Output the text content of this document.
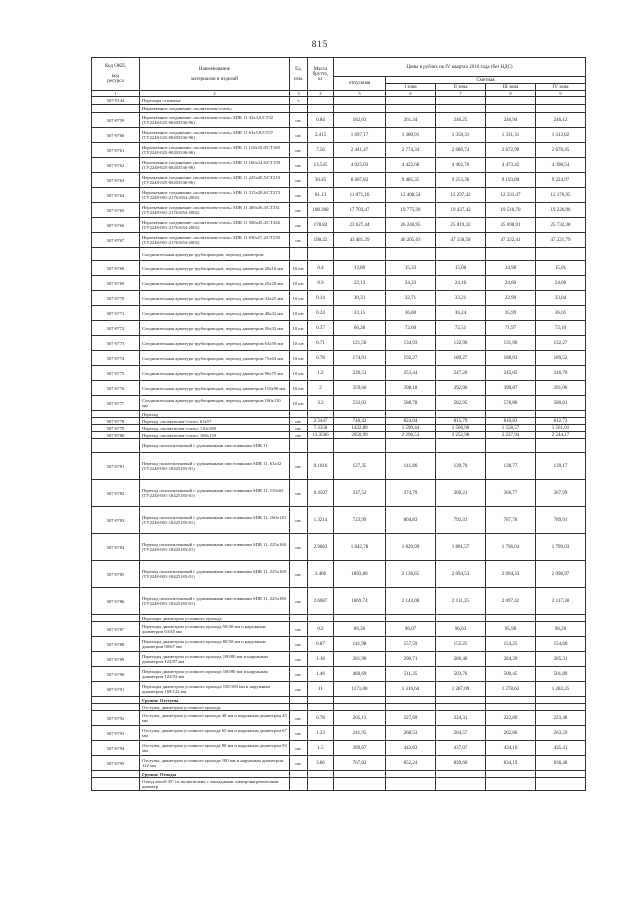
815
Код ОКП,

код
ресурса	Наименование

материалов и изделий	Ед.

изм.	Масса
брутто,
кг	Цены в рублях на IV квартал 2016 года (без НДС)				
				отпускная	Сметная			
					I зона	II зона	III зона	IV зона
1	2	3	4	5	6	7	8	9
507-9144	Переходы стальные	т						
	Неразъемное соединение «полиэтилен-сталь»							
507-0759	Неразъемное соединение «полиэтилен-сталь» SDR 11 32х3,0/СТ32 (ТУ2248-025-00203536-96)	шт.	0.84	182,63	261,34	246,25	246,94	246,12
507-0760	Неразъемное соединение «полиэтилен-сталь» SDR 11 63х5,8/СТ57 (ТУ2248-025-00203536-96)	шт.	2.415	1 097,17	1 380,91	1 358,31	1 331,31	1 312,82
507-0761	Неразъемное соединение «полиэтилен-сталь» SDR 11 110х10,0/СТ108 (ТУ2248-025-00203536-96)	шт.	7.56	2 441,47	2 774,34	2 680,74	2 672,99	2 678,45
507-0762	Неразъемное соединение «полиэтилен-сталь» SDR 11 160х14,6/СТ159 (ТУ2248-025-00203536-96)	шт.	13.545	4 025,03	4 422,68	4 462,76	4 473,42	4 398,54
507-0763	Неразъемное соединение «полиэтилен-сталь» SDR 11 225х20,5/СТ219 (ТУ2248-025-00203536-96)	шт.	30.45	8 667,82	9 485,35	9 253,36	9 193,80	9 224,97
507-0764	Неразъемное соединение «полиэтилен-сталь» SDR 11 315х28,6/СТ273 (ТУ2248-001-21761654-2002)	шт.	61.13	11 071,16	12 408,54	12 297,42	12 331,47	12 176,95
507-0765	Неразъемное соединение «полиэтилен-сталь» SDR 11 400х36,3/СТ351 (ТУ2248-001-21761654-2002)	шт.	108.308	17 703,47	19 775,39	19 437,42	19 516,70	19 226,96
507-0766	Неразъемное соединение «полиэтилен-сталь» SDR 11 500х45,4/СТ426 (ТУ2248-001-21761654-2002)	шт.	178.82	23 627,44	26 246,95	25 819,32	25 698,91	25 732,38
507-0767	Неразъемное соединение «полиэтилен-сталь» SDR 11 630х57,2/СТ530 (ТУ2248-001-21761654-2002)	шт.	190.22	43 481,39	46 205,63	47 158,58	47 222,41	47 221,79
	Соединительная арматура трубопроводов, переход диаметром							
507-0768	Соединительная арматура трубопроводов, переход диаметром 20х16 мм	10 шт.	0.4	13,80	15,33	15,08	14,98	15,01
507-0769	Соединительная арматура трубопроводов, переход диаметром 25х20 мм	10 шт.	0.9	22,13	24,33	24,16	24,00	24,06
507-0770	Соединительная арматура трубопроводов, переход диаметром 32х25 мм	10 шт.	0.14	30,33	32,71	33,21	32,99	33,04
507-0771	Соединительная арматура трубопроводов, переход диаметром 40х32 мм	10 шт.	0.24	33,15	36,80	36,24	35,99	36,05
507-0772	Соединительная арматура трубопроводов, переход диаметром 50х32 мм	10 шт.	0.37	66,28	72,60	72,51	71,97	72,10
507-0773	Соединительная арматура трубопроводов, переход диаметром 63х50 мм	10 шт.	0.71	121,58	134,93	132,90	131,96	132,27
507-0774	Соединительная арматура трубопроводов, переход диаметром 75х63 мм	10 шт.	0.78	174,01	192,27	189,27	188,03	189,52
507-0775	Соединительная арматура трубопроводов, переход диаметром 90х75 мм	10 шт.	1.2	226,51	253,44	247,20	245,05	246,70
507-0776	Соединительная арматура трубопроводов, переход диаметром 110х90 мм	10 шт.	2	359,66	398,18	392,96	390,87	391,06
507-0777	Соединительная арматура трубопроводов, переход диаметром 160х110 мм	10 шт.	3.2	533,03	588,78	582,95	578,86	580,61
	Переход							
507-0778	Переход «полиэтилен-сталь» 63х57	шт.	2.3447	746,42	824,04	815,79	810,82	812,73
507-0779	Переход «полиэтилен-сталь» 110х108	шт.	7.3358	1432,80	1 590,44	1 566,90	1 558,57	1 561,01
507-0780	Переход «полиэтилен-сталь» 160х159	шт.	13.3506	2050,99	2 296,53	2 252,98	2 237,94	2 244,17
	Переход полиэтиленовый с удлиненными хвостовиками SDR 11							
507-0781	Переход полиэтиленовый с удлиненными хвостовиками SDR 11, 63х32 (ТУ2248-001-18425183-01)	шт.	0.1016	127,35	141,86	139,70	138,77	139,17
507-0782	Переход полиэтиленовый с удлиненными хвостовиками SDR 11, 110х63 (ТУ2248-001-18425183-01)	шт.	0.4507	337,52	374,79	369,21	366,77	367,99
507-0783	Переход полиэтиленовый с удлиненными хвостовиками SDR 11, 160х110 (ТУ2248-001-18425183-01)	шт.	1.3214	723,99	804,83	792,31	787,78	789,91
507-0784	Переход полиэтиленовый с удлиненными хвостовиками SDR 11, 225х160 (ТУ2248-001-18425183-01)	шт.	2.9063	1 642,78	1 820,99	1 801,57	1 796,04	1 799,03
507-0785	Переход полиэтиленовый с удлиненными хвостовиками SDR 11, 225х160 (ТУ2248-001-18425183-01)	шт.	3.466	1893,08	2 136,65	2 094,53	2 094,33	2 096,97
507-0786	Переход полиэтиленовый с удлиненными хвостовиками SDR 11, 225х180 (ТУ2248-001-18425183-01)	шт.	2.6087	1869,74	2 143,08	2 111,35	2 097,42	2 117,38
	Переходы диаметром условного прохода							
507-0787	Переходы диаметром условного прохода 50/40 мм и наружным диаметром 63/45 мм	шт.	0.2	86,36	96,07	96,63	95,98	96,26
507-0788	Переходы диаметром условного прохода 80/50 мм и наружным диаметром 90/67 мм	шт.	0.87	141,98	157,59	155,25	154,25	154,60
507-0789	Переходы диаметром условного прохода 100/80 мм и наружным диаметром 122/97 мм	шт.	1.16	261,90	290,71	286,40	284,39	285,31
507-0790	Переходы диаметром условного прохода 100/80 мм и наружным диаметром 122/93 мм	шт.	1.46	460,69	511,35	503,76	500,45	501,89
507-0791	Переходы диаметром условного прохода 150/100 мм и наружным диаметром 169/122 мм	шт.	11	1171,00	1 316,64	1 287,09	1 278,63	1 282,25
	Группа: Отступы							
	Отступы, диаметром условного прохода							
507-0792	Отступы, диаметром условного прохода 40 мм и наружным диаметром 45 мм	шт.	0.78	205,11	227,69	224,31	222,89	223,48
507-0793	Отступы, диаметром условного прохода 65 мм и наружным диаметром 67 мм	шт.	1.23	241,95	268,53	264,57	262,86	263,59
507-0794	Отступы, диаметром условного прохода 80 мм и наружным диаметром 93 мм	шт.	1.5	399,67	443,63	437,07	434,16	435,41
507-0795	Отступы, диаметром условного прохода 100 мм и наружным диаметром 122 мм	шт.	3.86	767,82	852,24	839,60	834,19	836,48
	Группа: Отводы							
	Отвод литой 45° из полиэтилена с закладными электронагревателями, диаметр							
